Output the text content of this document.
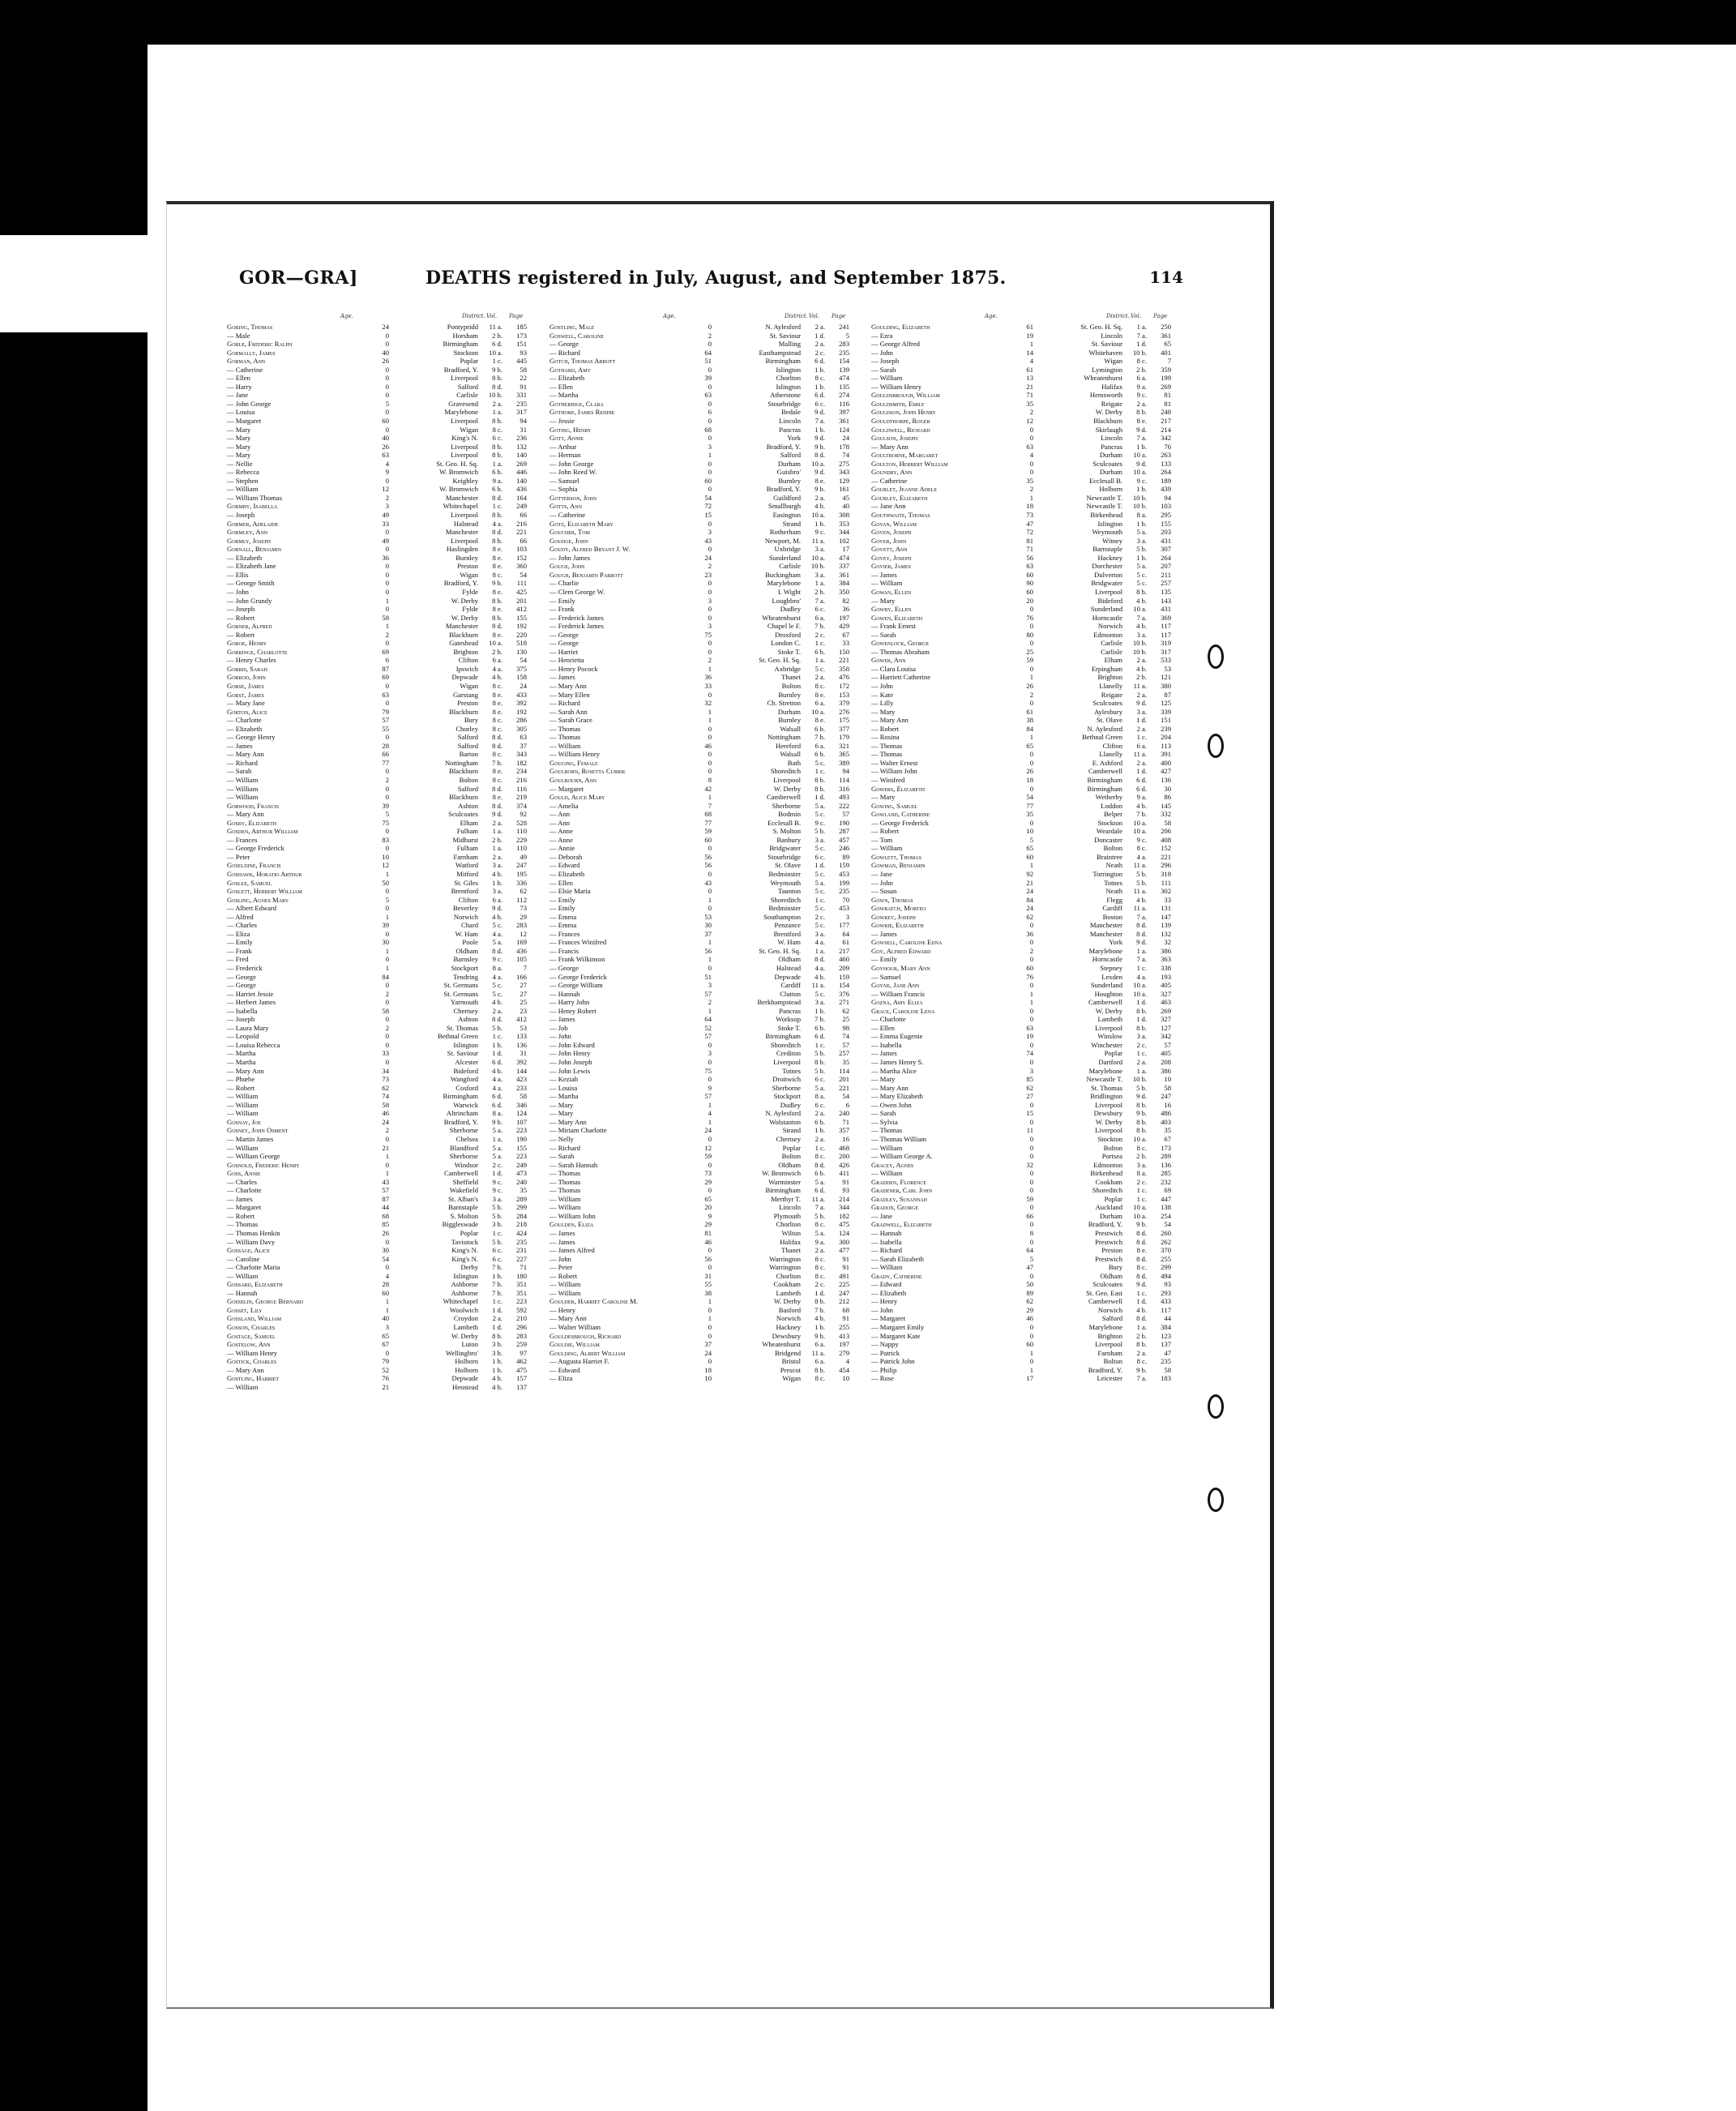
GOR—GRA]	DEATHS registered in July, August, and September 1875.	114
Age.	District. Vol. Page
Goring, Thomas	24	Pontypridd	11 a.	185
— Male	0	Horsham	2 b.	173
Gorle, Frederic Ralph	0	Birmingham	6 d.	151
Gormally, James	40	Stockton	10 a.	93
Gorman, Ann	26	Poplar	1 c.	445
— Catherine	0	Bradford, Y.	9 b.	58
— Ellen	0	Liverpool	8 b.	22
— Harry	0	Salford	8 d.	91
— Jane	0	Carlisle	10 b.	331
— John George	5	Gravesend	2 a.	235
— Louisa	0	Marylebone	1 a.	317
— Margaret	60	Liverpool	8 b.	94
— Mary	0	Wigan	8 c.	31
— Mary	40	King's N.	6 c.	236
— Mary	26	Liverpool	8 b.	132
— Mary	63	Liverpool	8 b.	140
— Nellie	4	St. Geo. H. Sq.	1 a.	269
— Rebecca	9	W. Bromwich	6 b.	446
— Stephen	0	Keighley	9 a.	140
— William	12	W. Bromwich	6 b.	436
— William Thomas	2	Manchester	8 d.	164
Gormby, Isabella	3	Whitechapel	1 c.	249
— Joseph	49	Liverpool	8 b.	66
Gormer, Adelaide	33	Halstead	4 a.	216
Gormley, Ann	0	Manchester	8 d.	221
Gormly, Joseph	49	Liverpool	8 b.	66
Gornall, Benjamin	0	Haslingden	8 e.	103
— Elizabeth	36	Burnley	8 e.	152
— Elizabeth Jane	0	Preston	8 e.	360
— Ellis	0	Wigan	8 c.	54
— George Smith	0	Bradford, Y.	9 b.	111
— John	0	Fylde	8 e.	425
— John Grundy	1	W. Derby	8 b.	201
— Joseph	0	Fylde	8 e.	412
— Robert	58	W. Derby	8 b.	155
Gorner, Alfred	1	Manchester	8 d.	192
— Robert	2	Blackburn	8 e.	220
Goroe, Henry	0	Gateshead	10 a.	518
Gorringe, Charlotte	69	Brighton	2 b.	130
— Henry Charles	6	Clifton	6 a.	54
Gorris, Sarah	87	Ipswich	4 a.	375
Gorrod, John	69	Depwade	4 b.	158
Gorse, James	0	Wigan	8 c.	24
Gorst, James	63	Garstang	8 e.	433
— Mary Jane	0	Preston	8 e.	392
Gorton, Alice	79	Blackburn	8 e.	192
— Charlotte	57	Bury	8 c.	286
— Elizabeth	55	Chorley	8 c.	305
— George Henry	0	Salford	8 d.	63
— James	28	Salford	8 d.	37
— Mary Ann	66	Barton	8 c.	343
— Richard	77	Nottingham	7 b.	182
— Sarah	0	Blackburn	8 e.	234
— William	2	Bolton	8 c.	216
— William	0	Salford	8 d.	116
— William	0	Blackburn	8 e.	219
Gorwood, Francis	39	Ashton	8 d.	374
— Mary Ann	5	Sculcoates	9 d.	92
Gosby, Elizabeth	75	Elham	2 a.	528
Gosden, Arthur William	0	Fulham	1 a.	110
— Frances	83	Midhurst	2 b.	229
— George Frederick	0	Fulham	1 a.	110
— Peter	10	Farnham	2 a.	49
Goseldine, Francis	12	Watford	3 a.	247
Goshawk, Horatio Arthur	1	Mitford	4 b.	195
Goslee, Samuel	50	St. Giles	1 b.	336
Goslett, Herbert William	0	Brentford	3 a.	62
Gosling, Agnes Mary	5	Clifton	6 a.	112
— Albert Edward	0	Beverley	9 d.	73
— Alfred	1	Norwich	4 b.	29
— Charles	39	Chard	5 c.	283
— Eliza	0	W. Ham	4 a.	12
— Emily	30	Poole	5 a.	169
— Frank	1	Oldham	8 d.	436
— Fred	0	Barnsley	9 c.	105
— Frederick	1	Stockport	8 a.	7
— George	84	Tendring	4 a.	166
— George	0	St. Germans	5 c.	27
— Harriet Jessie	2	St. Germans	5 c.	27
— Herbert James	0	Yarmouth	4 b.	25
— Isabella	58	Chertsey	2 a.	23
— Joseph	0	Ashton	8 d.	412
— Laura Mary	2	St. Thomas	5 b.	53
— Leopold	0	Bethnal Green	1 c.	133
— Louisa Rebecca	0	Islington	1 b.	136
— Martha	33	St. Saviour	1 d.	31
— Martha	0	Alcester	6 d.	392
— Mary Ann	34	Bideford	4 b.	144
— Phœbe	73	Wangford	4 a.	423
— Robert	62	Cosford	4 a.	233
— William	74	Birmingham	6 d.	58
— William	58	Warwick	6 d.	346
— William	46	Altrincham	8 a.	124
Gosnay, Joe	24	Bradford, Y.	9 b.	107
Gosney, John Osment	2	Sherborne	5 a.	223
— Martin James	0	Chelsea	1 a.	190
— William	21	Blandford	5 a.	155
— William George	1	Sherborne	5 a.	223
Gosnold, Frederic Henry	0	Windsor	2 c.	249
Goss, Annie	1	Camberwell	1 d.	473
— Charles	43	Sheffield	9 c.	240
— Charlotte	57	Wakefield	9 c.	35
— James	87	St. Alban's	3 a.	289
— Margaret	44	Barnstaple	5 b.	299
— Robert	68	S. Molton	5 b.	284
— Thomas	85	Biggleswade	3 b.	218
— Thomas Henkin	26	Poplar	1 c.	424
— William Davy	0	Tavistock	5 b.	235
Gossage, Alice	30	King's N.	6 c.	231
— Caroline	54	King's N.	6 c.	227
— Charlotte Maria	0	Derby	7 b.	71
— William	4	Islington	1 b.	180
Gossard, Elizabeth	28	Ashborne	7 b.	351
— Hannah	60	Ashborne	7 b.	351
Gosselin, George Bernard	1	Whitechapel	1 c.	223
Gosset, Lily	1	Woolwich	1 d.	592
Gossland, William	40	Croydon	2 a.	210
Gosson, Charles	3	Lambeth	1 d.	296
Gostage, Samuel	65	W. Derby	8 b.	283
Gostelow, Ann	67	Luton	3 b.	259
— William Henry	0	Wellingbro'	3 b.	97
Gostick, Charles	79	Holborn	1 b.	462
— Mary Ann	52	Holborn	1 b.	475
Gostling, Harriet	76	Depwade	4 b.	157
— William	21	Henstead	4 b.	137
Age.	District. Vol. Page
Gostling, Male	0	N. Aylesford	2 a.	241
Goswell, Caroline	2	St. Saviour	1 d.	5
— George	0	Malling	2 a.	283
— Richard	64	Easthampstead	2 c.	235
Gotch, Thomas Abbott	51	Birmingham	6 d.	154
Gothard, Amy	0	Islington	1 b.	139
— Elizabeth	39	Chorlton	8 c.	474
— Ellen	0	Islington	1 b.	135
— Martha	63	Atherstone	6 d.	274
Gotheridge, Clara	0	Stourbridge	6 c.	116
Gothorp, James Reddie	6	Bedale	9 d.	397
— Jessie	0	Lincoln	7 a.	361
Goting, Henry	68	Pancras	1 b.	124
Gott, Annie	0	York	9 d.	24
— Arthur	3	Bradford, Y.	9 b.	178
— Herman	1	Salford	8 d.	74
— John George	0	Durham	10 a.	275
— John Reed W.	0	Guisbro'	9 d.	343
— Samuel	60	Burnley	8 e.	129
— Sophia	0	Bradford, Y.	9 b.	161
Gotterson, John	54	Guildford	2 a.	45
Gotts, Ann	72	Smallburgh	4 b.	40
— Catherine	15	Easington	10 a.	308
Gotz, Elizabeth Mary	0	Strand	1 b.	353
Goucher, Tom	3	Rotherham	9 c.	344
Goudge, John	43	Newport, M.	11 a.	102
Goudy, Alfred Bryant J. W.	0	Uxbridge	3 a.	17
— John James	24	Sunderland	10 a.	474
Gouge, John	2	Carlisle	10 b.	337
Gough, Benjamin Parrott	23	Buckingham	3 a.	361
— Charlie	0	Marylebone	1 a.	384
— Clem George W.	0	I. Wight	2 b.	350
— Emily	3	Loughbro'	7 a.	82
— Frank	0	Dudley	6 c.	36
— Frederick James	0	Wheatenhurst	6 a.	197
— Frederick James	3	Chapel le F.	7 b.	429
— George	75	Droxford	2 c.	67
— George	0	London C.	1 c.	33
— Harriet	0	Stoke T.	6 b.	150
— Henrietta	2	St. Geo. H. Sq.	1 a.	221
— Henry Pocock	1	Axbridge	5 c.	358
— James	36	Thanet	2 a.	476
— Mary Ann	33	Bolton	8 c.	172
— Mary Ellen	0	Burnley	8 e.	153
— Richard	32	Ch. Stretton	6 a.	379
— Sarah Ann	1	Durham	10 a.	276
— Sarah Grace	1	Burnley	8 e.	175
— Thomas	0	Walsall	6 b.	377
— Thomas	0	Nottingham	7 b.	179
— William	46	Hereford	6 a.	321
— William Henry	0	Walsall	6 b.	365
Gouging, Female	0	Bath	5 c.	389
Goulborn, Rosetta Currie	0	Shoreditch	1 c.	94
Goulbourn, Ann	8	Liverpool	8 b.	114
— Margaret	42	W. Derby	8 b.	316
Gould, Alice Mary	1	Camberwell	1 d.	493
— Amelia	7	Sherborne	5 a.	222
— Ann	68	Bodmin	5 c.	57
— Ann	77	Ecclesall B.	9 c.	190
— Anne	59	S. Molton	5 b.	287
— Anne	60	Banbury	3 a.	457
— Annie	0	Bridgwater	5 c.	246
— Deborah	56	Stourbridge	6 c.	89
— Edward	56	St. Olave	1 d.	159
— Elizabeth	0	Bedminster	5 c.	453
— Ellen	43	Weymouth	5 a.	199
— Elsie Maria	0	Taunton	5 c.	235
— Emily	1	Shoreditch	1 c.	70
— Emily	0	Bedminster	5 c.	453
— Emma	53	Southampton	2 c.	3
— Emma	30	Penzance	5 c.	177
— Frances	37	Brentford	3 a.	64
— Frances Winifred	1	W. Ham	4 a.	61
— Francis	56	St. Geo. H. Sq.	1 a.	217
— Frank Wilkinson	1	Oldham	8 d.	460
— George	0	Halstead	4 a.	209
— George Frederick	51	Depwade	4 b.	159
— George William	3	Cardiff	11 a.	154
— Hannah	57	Clutton	5 c.	376
— Harry John	2	Berkhampstead	3 a.	271
— Henry Robert	1	Pancras	1 b.	62
— James	64	Worksop	7 b.	25
— Job	52	Stoke T.	6 b.	98
— John	57	Birmingham	6 d.	74
— John Edward	0	Shoreditch	1 c.	57
— John Henry	3	Crediton	5 b.	257
— John Joseph	0	Liverpool	8 b.	35
— John Lewis	75	Totnes	5 b.	114
— Keziah	0	Droitwich	6 c.	201
— Louisa	9	Sherborne	5 a.	221
— Martha	57	Stockport	8 a.	54
— Mary	1	Dudley	6 c.	6
— Mary	4	N. Aylesford	2 a.	240
— Mary Ann	1	Wolstanton	6 b.	71
— Miriam Charlotte	24	Strand	1 b.	357
— Nelly	0	Chertsey	2 a.	16
— Richard	12	Poplar	1 c.	468
— Sarah	59	Bolton	8 c.	200
— Sarah Hannah	0	Oldham	8 d.	426
— Thomas	73	W. Bromwich	6 b.	411
— Thomas	29	Warminster	5 a.	91
— Thomas	0	Birmingham	6 d.	93
— William	65	Merthyr T.	11 a.	214
— William	20	Lincoln	7 a.	344
— William John	9	Plymouth	5 b.	182
Goulden, Eliza	29	Chorlton	8 c.	475
— James	81	Wilton	5 a.	124
— James	46	Halifax	9 a.	300
— James Alfred	0	Thanet	2 a.	477
— John	56	Warrington	8 c.	91
— Peter	0	Warrington	8 c.	91
— Robert	31	Chorlton	8 c.	491
— William	55	Cookham	2 c.	225
— William	38	Lambeth	1 d.	247
Goulder, Harriet Caroline M.	1	W. Derby	8 b.	212
— Henry	0	Basford	7 b.	68
— Mary Ann	1	Norwich	4 b.	91
— Walter William	0	Hackney	1 b.	255
Gouldesbrough, Richard	0	Dewsbury	9 b.	413
Gouldie, William	37	Wheatenhurst	6 a.	197
Goulding, Albert William	24	Bridgend	11 a.	279
— Augusta Harriet F.	0	Bristol	6 a.	4
— Edward	18	Prescot	8 b.	454
— Eliza	10	Wigan	8 c.	10
Age.	District. Vol. Page
Goulding, Elizabeth	61	St. Geo. H. Sq.	1 a.	250
— Ezra	19	Lincoln	7 a.	361
— George Alfred	1	St. Saviour	1 d.	65
— John	14	Whitehaven	10 b.	401
— Joseph	4	Wigan	8 c.	7
— Sarah	61	Lymington	2 b.	359
— William	13	Wheatenhurst	6 a.	199
— William Henry	21	Halifax	9 a.	269
Gouldsbrough, William	71	Hemsworth	9 c.	81
Gouldsmith, Emily	35	Reigate	2 a.	81
Gouldson, John Henry	2	W. Derby	8 b.	248
Gouldthorpe, Roger	12	Blackburn	8 e.	217
Gouldwell, Richard	0	Skirlaugh	9 d.	214
Goulson, Joseph	0	Lincoln	7 a.	342
— Mary Ann	63	Pancras	1 b.	76
Goultborne, Margaret	4	Durham	10 a.	263
Goulton, Herbert William	0	Sculcoates	9 d.	133
Goundry, Ann	0	Durham	10 a.	264
— Catherine	35	Ecclesall B.	9 c.	189
Gourlet, Jeanne Adele	2	Holborn	1 b.	439
Gourley, Elizabeth	1	Newcastle T.	10 b.	94
— Jane Ann	18	Newcastle T.	10 b.	103
Gouthwaite, Thomas	73	Birkenhead	8 a.	295
Govan, William	47	Islington	1 b.	155
Goven, Joseph	72	Weymouth	5 a.	203
Gover, John	81	Witney	3 a.	431
Govett, Ann	71	Barnstaple	5 b.	307
Govey, Joseph	56	Hackney	1 b.	264
Govier, James	63	Dorchester	5 a.	207
— James	60	Dulverton	5 c.	211
— William	90	Bridgwater	5 c.	257
Gowan, Ellen	60	Liverpool	8 b.	135
— Mary	20	Bideford	4 b.	143
Gowby, Ellen	0	Sunderland	10 a.	431
Gowen, Elizabeth	76	Horncastle	7 a.	369
— Frank Ernest	0	Norwich	4 b.	117
— Sarah	80	Edmonton	3 a.	117
Gowenlock, George	0	Carlisle	10 b.	319
— Thomas Abraham	25	Carlisle	10 b.	317
Gower, Ann	59	Elham	2 a.	533
— Clara Louisa	0	Erpingham	4 b.	53
— Harriett Catherine	1	Brighton	2 b.	121
— John	26	Llanelly	11 a.	380
— Kate	2	Reigate	2 a.	87
— Lilly	0	Sculcoates	9 d.	125
— Mary	61	Aylesbury	3 a.	339
— Mary Ann	38	St. Olave	1 d.	151
— Robert	84	N. Aylesford	2 a.	239
— Rosina	1	Bethnal Green	1 c.	204
— Thomas	65	Clifton	6 a.	113
— Thomas	0	Llanelly	11 a.	391
— Walter Ernest	0	E. Ashford	2 a.	400
— William John	26	Camberwell	1 d.	427
— Winifred	18	Birmingham	6 d.	136
Gowers, Elizabeth	0	Birmingham	6 d.	30
— Mary	54	Wetherby	9 a.	86
Gowing, Samuel	77	Loddon	4 b.	145
Gowland, Catherine	35	Belper	7 b.	332
— George Frederick	0	Stockton	10 a.	58
— Robert	10	Weardale	10 a.	206
— Tom	5	Doncaster	9 c.	408
— William	65	Bolton	8 c.	152
Gowlett, Thomas	60	Braintree	4 a.	221
Gowman, Benjamin	1	Neath	11 a.	296
— Jane	92	Torrington	5 b.	318
— John	21	Totnes	5 b.	111
— Susan	24	Neath	11 a.	302
Gown, Thomas	84	Flegg	4 b.	33
Gowratch, Morteo	24	Cardiff	11 a.	131
Gowrey, Joseph	62	Boston	7 a.	147
Gowrie, Elizabeth	0	Manchester	8 d.	139
— James	36	Manchester	8 d.	132
Gowsell, Caroline Edna	0	York	9 d.	32
Goy, Alfred Edward	2	Marylebone	1 a.	386
— Emily	0	Horncastle	7 a.	363
Goyhour, Mary Ann	60	Stepney	1 c.	338
— Samuel	76	Lexden	4 a.	193
Goyne, Jane Ann	0	Sunderland	10 a.	405
— William Francis	1	Houghton	10 a.	327
Gozna, Amy Eliza	1	Camberwell	1 d.	463
Grace, Caroline Lena	0	W. Derby	8 b.	269
— Charlotte	0	Lambeth	1 d.	327
— Ellen	63	Liverpool	8 b.	127
— Emma Eugenie	19	Winslow	3 a.	342
— Isabella	0	Winchester	2 c.	57
— James	74	Poplar	1 c.	405
— James Henry S.	0	Dartford	2 a.	208
— Martha Alice	3	Marylebone	1 a.	386
— Mary	85	Newcastle T.	10 b.	10
— Mary Ann	62	St. Thomas	5 b.	58
— Mary Elizabeth	27	Bridlington	9 d.	247
— Owen John	0	Liverpool	8 b.	16
— Sarah	15	Dewsbury	9 b.	486
— Sylvia	0	W. Derby	8 b.	403
— Thomas	11	Liverpool	8 b.	35
— Thomas William	0	Stockton	10 a.	67
— William	0	Bolton	8 c.	173
— William George A.	0	Portsea	2 b.	289
Gracey, Agnes	32	Edmonton	3 a.	136
— William	0	Birkenhead	8 a.	285
Gradden, Florence	0	Cookham	2 c.	232
Gradener, Carl John	0	Shoreditch	1 c.	69
Gradley, Susannah	59	Poplar	1 c.	447
Gradon, George	0	Auckland	10 a.	138
— Jane	66	Durham	10 a.	254
Gradwell, Elizabeth	0	Bradford, Y.	9 b.	54
— Hannah	8	Prestwich	8 d.	260
— Isabella	0	Prestwich	8 d.	262
— Richard	64	Preston	8 e.	370
— Sarah Elizabeth	5	Prestwich	8 d.	255
— William	47	Bury	8 c.	299
Grady, Catherine	0	Oldham	8 d.	494
— Edward	50	Sculcoates	9 d.	93
— Elizabeth	89	St. Geo. East	1 c.	293
— Henry	62	Camberwell	1 d.	433
— John	29	Norwich	4 b.	117
— Margaret	46	Salford	8 d.	44
— Margaret Emily	0	Marylebone	1 a.	384
— Margaret Kate	0	Brighton	2 b.	123
— Nappy	60	Liverpool	8 b.	137
— Patrick	1	Farnham	2 a.	47
— Patrick John	0	Bolton	8 c.	235
— Philip	1	Bradford, Y.	9 b.	58
— Rose	17	Leicester	7 a.	183
